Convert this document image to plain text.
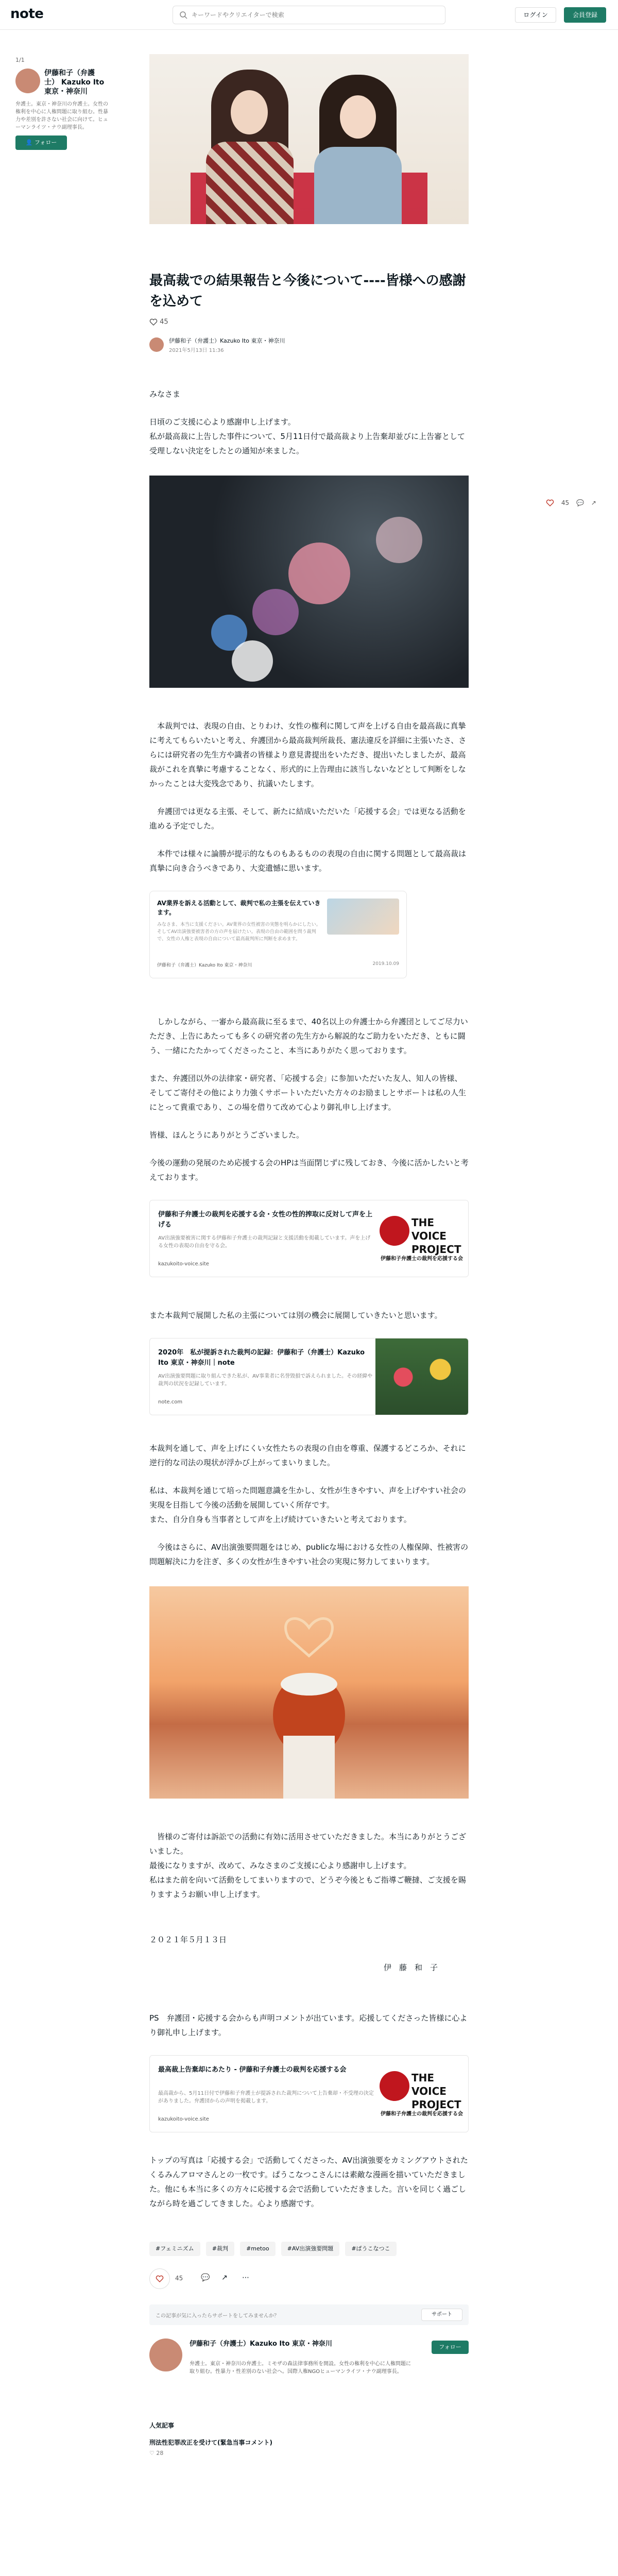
note
キーワードやクリエイターで検索	ログイン	会員登録
1/1
伊藤和子（弁護士） Kazuko Ito 東京・神奈川
弁護士。東京・神奈川の弁護士。女性の権利を中心に人権問題に取り組む。性暴力や差別を許さない社会に向けて。ヒューマンライツ・ナウ副理事長。
👤 フォロー
45 💬 ↗
最高裁での結果報告と今後について----皆様への感謝を込めて
45
伊藤和子（弁護士）Kazuko Ito 東京・神奈川
2021年5月13日 11:36
みなさま
日頃のご支援に心より感謝申し上げます。
私が最高裁に上告した事件について、5月11日付で最高裁より上告棄却並びに上告審として受理しない決定をしたとの通知が来ました。
本裁判では、表現の自由、とりわけ、女性の権利に関して声を上げる自由を最高裁に真摯に考えてもらいたいと考え、弁護団から最高裁判所裁長、憲法違反を詳細に主張いたさ、さらには研究者の先生方や識者の皆様より意見書提出をいただき、提出いたしましたが、最高裁がこれを真摯に考慮することなく、形式的に上告理由に該当しないなどとして判断をしなかったことは大変残念であり、抗議いたします。
弁護団では更なる主張、そして、新たに結成いただいた「応援する会」では更なる活動を進める予定でした。
本件では様々に論勝が提示的なものもあるものの表現の自由に関する問題として最高裁は真摯に向き合うべきであり、大変遺憾に思います。
AV業界を訴える活動として、裁判で私の主張を伝えていきます。
みなさま、本当に支援ください。AV業界の女性被害の実態を明らかにしたい。そしてAV出演強要被害者の方の声を届けたい。表現の自由の範囲を問う裁判で、女性の人権と表現の自由について最高裁判所に判断を求めます。
伊藤和子（弁護士）Kazuko Ito 東京・神奈川	2019.10.09
しかしながら、一審から最高裁に至るまで、40名以上の弁護士から弁護団としてご尽力いただき、上告にあたっても多くの研究者の先生方から解説的なご助力をいただき、ともに闘う、一緒にたたかってくださったこと、本当にありがたく思っております。
また、弁護団以外の法律家・研究者、「応援する会」に参加いただいた友人、知人の皆様、そしてご寄付その他により力強くサポートいただいた方々のお励ましとサポートは私の人生にとって貴重であり、この場を借りて改めて心より御礼申し上げます。
皆様、ほんとうにありがとうございました。
今後の運動の発展のため応援する会のHPは当面閉じずに残しておき、今後に活かしたいと考えております。
伊藤和子弁護士の裁判を応援する会・女性の性的搾取に反対して声を上げる
AV出演強要被害に関する伊藤和子弁護士の裁判記録と支援活動を掲載しています。声を上げる女性の表現の自由を守る会。
kazukoito-voice.site
THE VOICE PROJECT
伊藤和子弁護士の裁判を応援する会
また本裁判で展開した私の主張については別の機会に展開していきたいと思います。
2020年　私が提訴された裁判の記録：伊藤和子（弁護士）Kazuko Ito 東京・神奈川｜note
AV出演強要問題に取り組んできた私が、AV事業者に名誉毀損で訴えられました。その経緯や裁判の状況を記録しています。
note.com
本裁判を通して、声を上げにくい女性たちの表現の自由を尊重、保護するどころか、それに逆行的な司法の現状が浮かび上がってまいりました。
私は、本裁判を通じて培った問題意識を生かし、女性が生きやすい、声を上げやすい社会の実現を目指して今後の活動を展開していく所存です。
また、自分自身も当事者として声を上げ続けていきたいと考えております。
今後はさらに、AV出演強要問題をはじめ、publicな場における女性の人権保障、性被害の問題解決に力を注ぎ、多くの女性が生きやすい社会の実現に努力してまいります。
皆様のご寄付は訴訟での活動に有効に活用させていただきました。本当にありがとうございました。
最後になりますが、改めて、みなさまのご支援に心より感謝申し上げます。
私はまた前を向いて活動をしてまいりますので、どうぞ今後ともご指導ご鞭撻、ご支援を賜りますようお願い申し上げます。
２０２１年５月１３日
伊　藤　和　子
PS　弁護団・応援する会からも声明コメントが出ています。応援してくださった皆様に心より御礼申し上げます。
最高裁上告棄却にあたり - 伊藤和子弁護士の裁判を応援する会
最高裁から、5月11日付で伊藤和子弁護士が提訴された裁判について上告棄却・不受理の決定がありました。弁護団からの声明を掲載します。
kazukoito-voice.site
THE VOICE PROJECT
伊藤和子弁護士の裁判を応援する会
トップの写真は「応援する会」で活動してくださった、AV出演強要をカミングアウトされたくるみんアロマさんとの一枚です。ぱうこなつこさんには素敵な漫画を描いていただきました。他にも本当に多くの方々に応援する会で活動していただきました。言いを同じく過ごしながら時を過ごしてきました。心より感謝です。
#フェミニズム	#裁判	#metoo	#AV出演強要問題	#ぱうこなつこ
45 💬 ↗ ⋯
この記事が気に入ったらサポートをしてみませんか？	サポート
伊藤和子（弁護士）Kazuko Ito 東京・神奈川
弁護士。東京・神奈川の弁護士。ミモザの森法律事務所を開設。女性の権利を中心に人権問題に取り組む。性暴力・性差別のない社会へ。国際人権NGOヒューマンライツ・ナウ副理事長。
フォロー
人気記事
刑法性犯罪改正を受けて(緊急当事コメント)
♡ 28
